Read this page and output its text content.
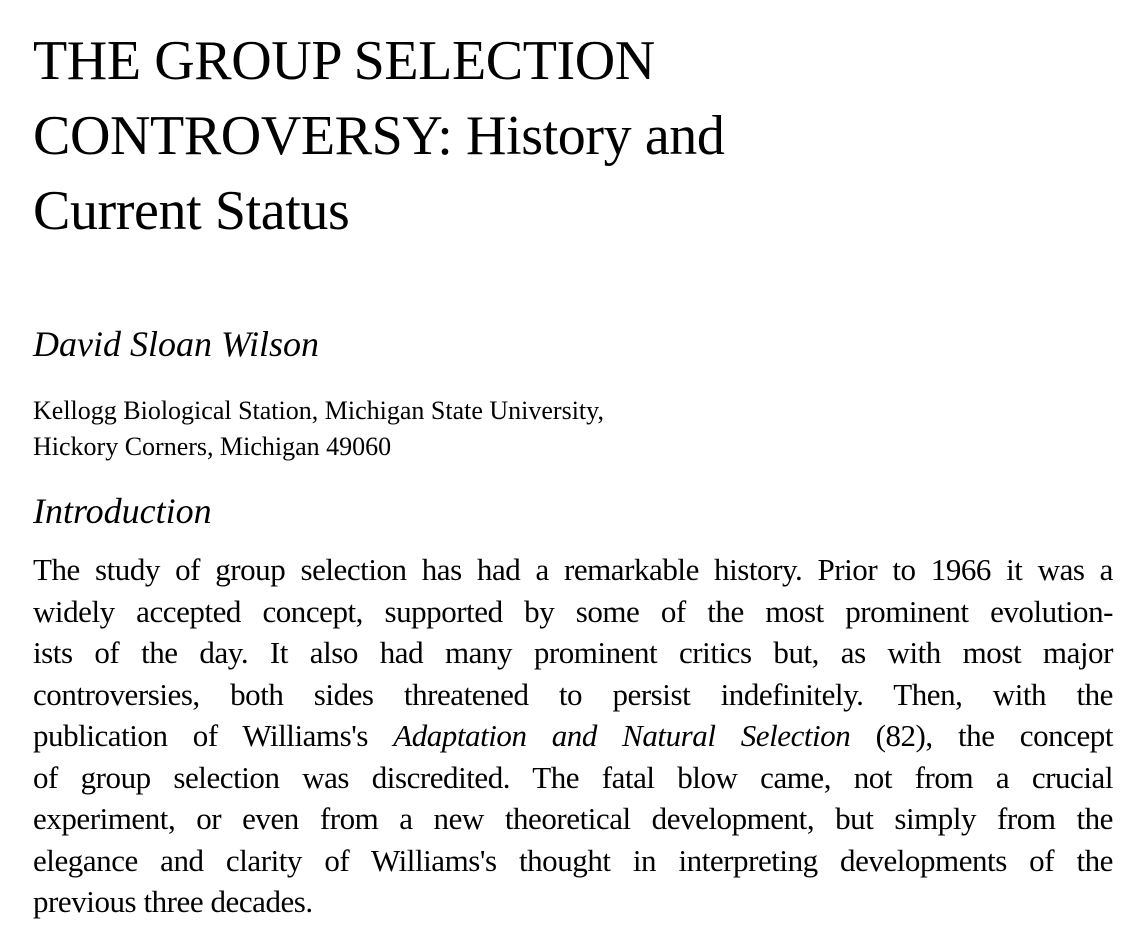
THE GROUP SELECTION
CONTROVERSY: History and
Current Status
David Sloan Wilson

Kellogg Biological Station, Michigan State University,
Hickory Corners, Michigan 49060

Introduction

The study of group selection has had a remarkable history. Prior to 1966 it was a
widely accepted concept, supported by some of the most prominent evolution-
ists of the day. It also had many prominent critics but, as with most major
controversies, both sides threatened to persist indefinitely. Then, with the
publication of Williams's Adaptation and Natural Selection (82), the concept
of group selection was discredited. The fatal blow came, not from a crucial
experiment, or even from a new theoretical development, but simply from the
elegance and clarity of Williams's thought in interpreting developments of the
previous three decades.
